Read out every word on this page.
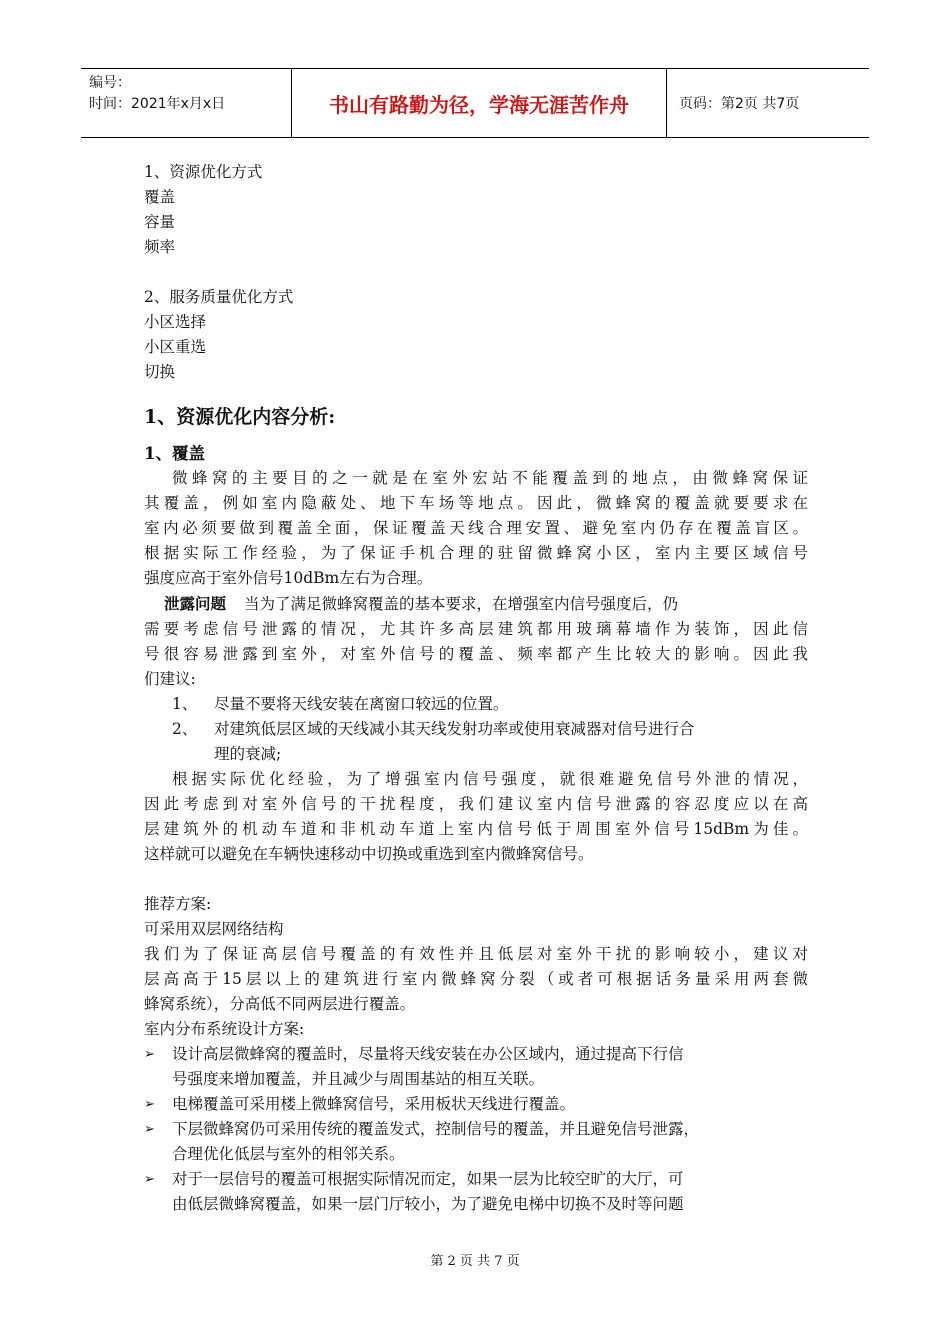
编号：
时间：2021年x月x日	书山有路勤为径，学海无涯苦作舟	页码：第2页 共7页

1、资源优化方式

覆盖

容量

频率

2、服务质量优化方式

小区选择

小区重选

切换

1、资源优化内容分析:
1、覆盖

微蜂窝的主要目的之一就是在室外宏站不能覆盖到的地点，由微蜂窝保证

其覆盖，例如室内隐蔽处、地下车场等地点。因此，微蜂窝的覆盖就要要求在

室内必须要做到覆盖全面，保证覆盖天线合理安置、避免室内仍存在覆盖盲区。

根据实际工作经验，为了保证手机合理的驻留微蜂窝小区，室内主要区域信号

强度应高于室外信号10dBm左右为合理。

泄露问题 当为了满足微蜂窝覆盖的基本要求，在增强室内信号强度后，仍

需要考虑信号泄露的情况，尤其许多高层建筑都用玻璃幕墙作为装饰，因此信

号很容易泄露到室外，对室外信号的覆盖、频率都产生比较大的影响。因此我

们建议:

1、	尽量不要将天线安装在离窗口较远的位置。
2、	对建筑低层区域的天线减小其天线发射功率或使用衰减器对信号进行合
理的衰减;

根据实际优化经验，为了增强室内信号强度，就很难避免信号外泄的情况，

因此考虑到对室外信号的干扰程度，我们建议室内信号泄露的容忍度应以在高

层建筑外的机动车道和非机动车道上室内信号低于周围室外信号15dBm为佳。

这样就可以避免在车辆快速移动中切换或重选到室内微蜂窝信号。

推荐方案:

可采用双层网络结构

我们为了保证高层信号覆盖的有效性并且低层对室外干扰的影响较小，建议对

层高高于15层以上的建筑进行室内微蜂窝分裂（或者可根据话务量采用两套微

蜂窝系统），分高低不同两层进行覆盖。

室内分布系统设计方案:

➢	设计高层微蜂窝的覆盖时，尽量将天线安装在办公区域内，通过提高下行信
号强度来增加覆盖，并且减少与周围基站的相互关联。
➢	电梯覆盖可采用楼上微蜂窝信号，采用板状天线进行覆盖。
➢	下层微蜂窝仍可采用传统的覆盖发式，控制信号的覆盖，并且避免信号泄露，
合理优化低层与室外的相邻关系。
➢	对于一层信号的覆盖可根据实际情况而定，如果一层为比较空旷的大厅，可
由低层微蜂窝覆盖，如果一层门厅较小，为了避免电梯中切换不及时等问题
第 2 页 共 7 页
